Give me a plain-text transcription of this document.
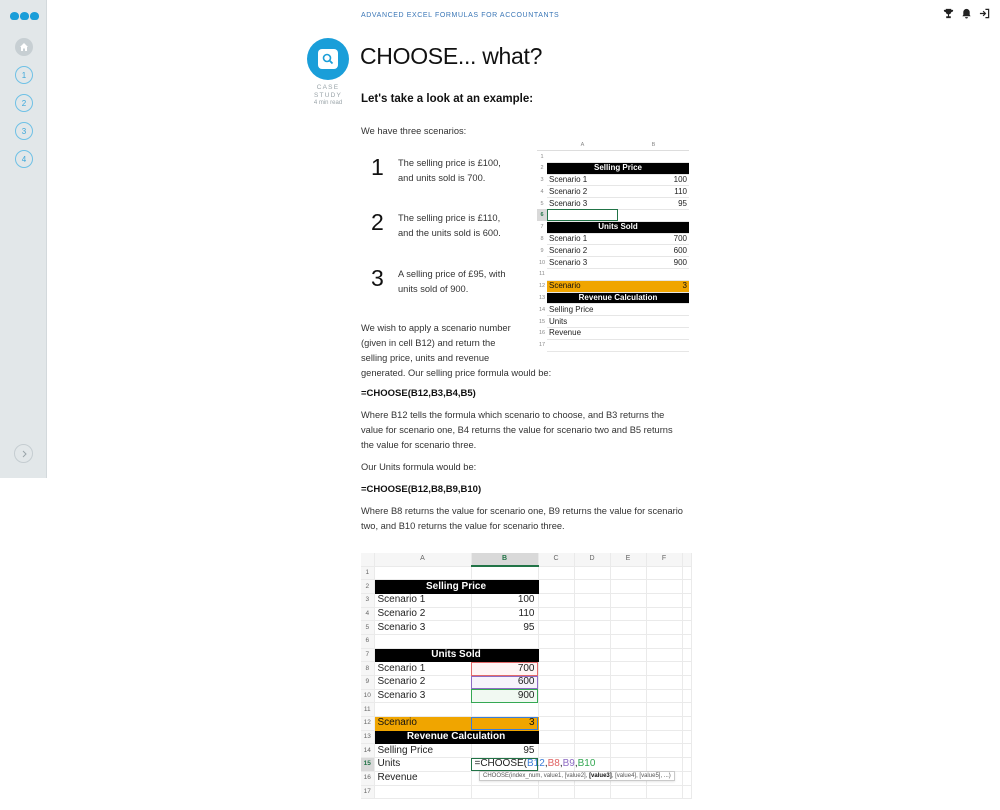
1
2
3
4
ADVANCED EXCEL FORMULAS FOR ACCOUNTANTS
CASE
STUDY
4 min read
CHOOSE... what?
Let's take a look at an example:
We have three scenarios:
1	The selling price is £100, and units sold is 700.
2	The selling price is £110, and the units sold is 600.
3	A selling price of £95, with units sold of 900.
We wish to apply a scenario number
(given in cell B12) and return the
selling price, units and revenue
generated. Our selling price formula would be:
=CHOOSE(B12,B3,B4,B5)
Where B12 tells the formula which scenario to choose, and B3 returns the
value for scenario one, B4 returns the value for scenario two and B5 returns
the value for scenario three.
Our Units formula would be:
=CHOOSE(B12,B8,B9,B10)
Where B8 returns the value for scenario one, B9 returns the value for scenario
two, and B10 returns the value for scenario three.
	A	B
1		
2	Selling Price	
3	Scenario 1	100
4	Scenario 2	110
5	Scenario 3	95
6		
7	Units Sold	
8	Scenario 1	700
9	Scenario 2	600
10	Scenario 3	900
11		
12	Scenario	3
13	Revenue Calculation	
14	Selling Price	
15	Units	
16	Revenue	
17		
	A	B	C	D	E	F	
1							
2	Selling Price						
3	Scenario 1	100					
4	Scenario 2	110					
5	Scenario 3	95					
6							
7	Units Sold						
8	Scenario 1	700					
9	Scenario 2	600					
10	Scenario 3	900					
11							
12	Scenario	3					
13	Revenue Calculation						
14	Selling Price	95					
15	Units	=CHOOSE(B12,B8,B9,B10					
16	Revenue						
17							
CHOOSE(index_num, value1, [value2], [value3], [value4], [value5], ...)
